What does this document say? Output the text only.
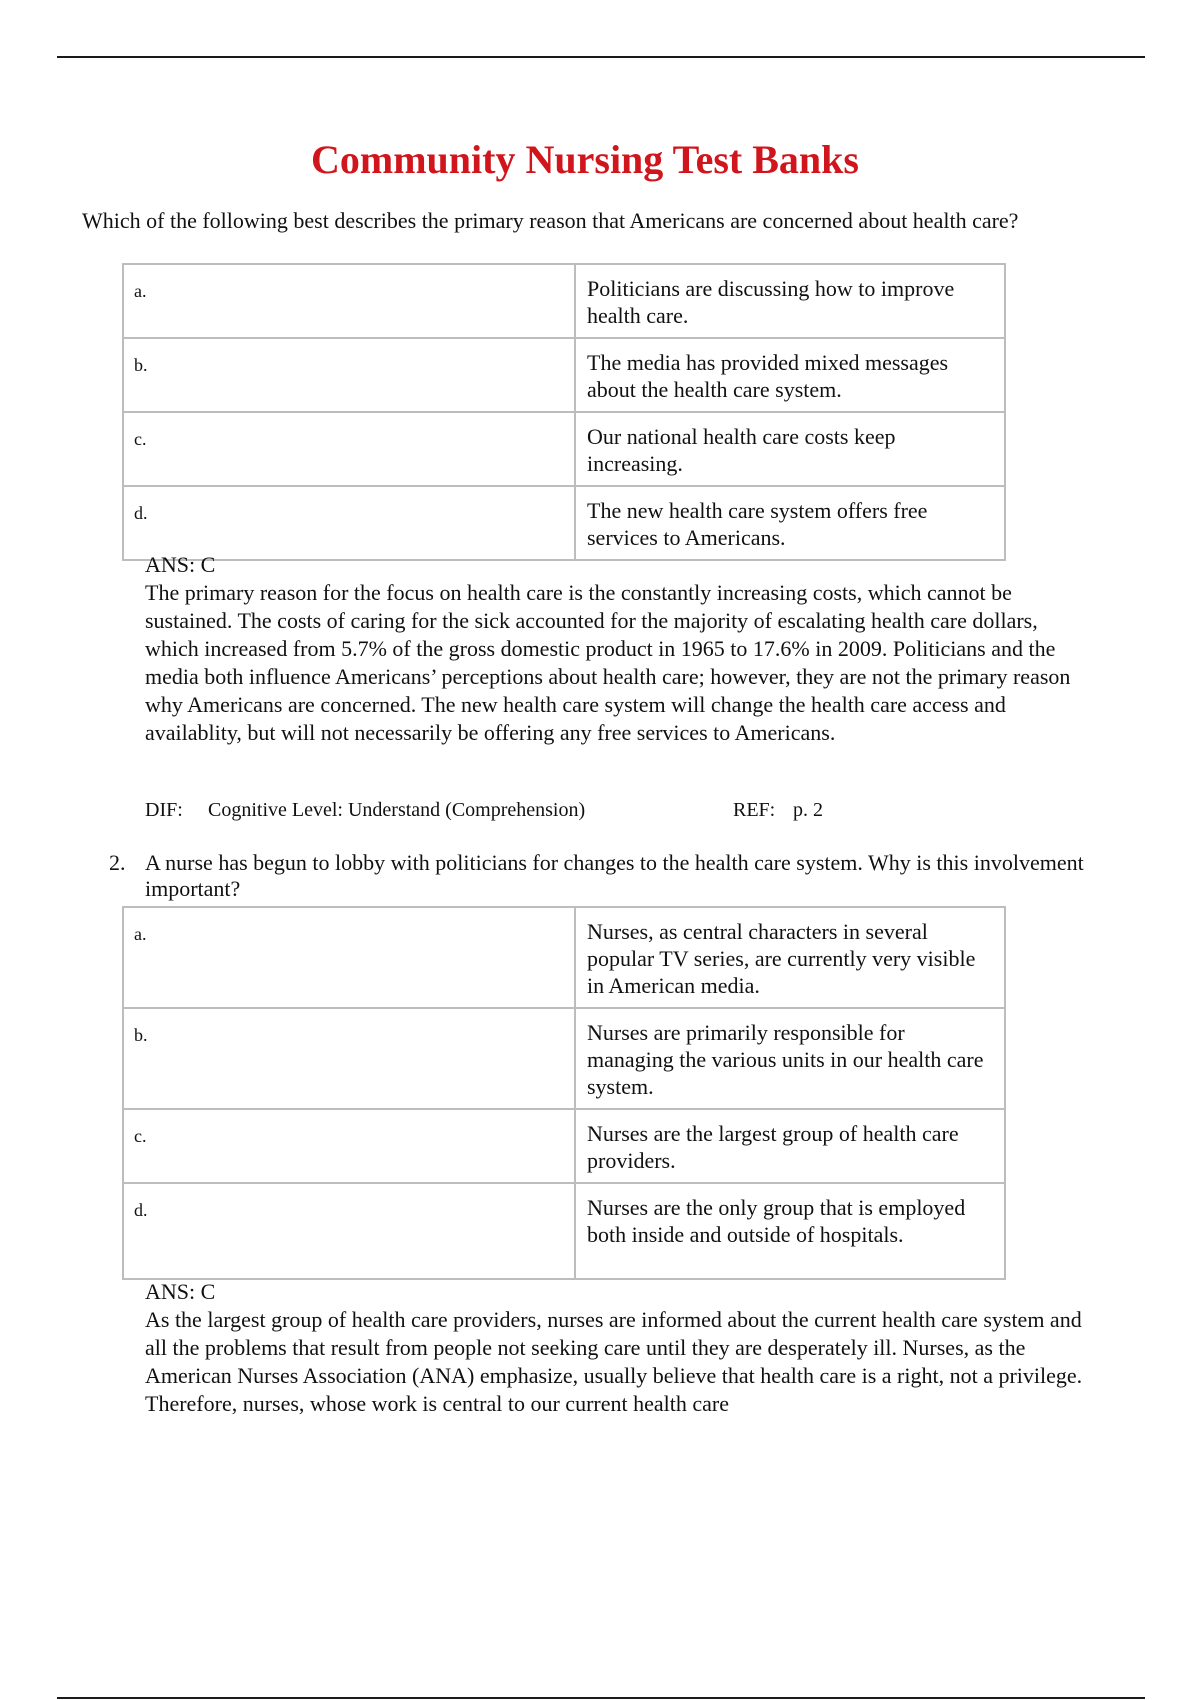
Community Nursing Test Banks
Which of the following best describes the primary reason that Americans are concerned about health care?
a.	Politicians are discussing how to improve health care.
b.	The media has provided mixed messages about the health care system.
c.	Our national health care costs keep increasing.
d.	The new health care system offers free services to Americans.
ANS: C
The primary reason for the focus on health care is the constantly increasing costs, which cannot be sustained. The costs of caring for the sick accounted for the majority of escalating health care dollars, which increased from 5.7% of the gross domestic product in 1965 to 17.6% in 2009. Politicians and the media both influence Americans’ perceptions about health care; however, they are not the primary reason why Americans are concerned. The new health care system will change the health care access and availablity, but will not necessarily be offering any free services to Americans.
DIF: Cognitive Level: Understand (Comprehension)	REF: p. 2
2. A nurse has begun to lobby with politicians for changes to the health care system. Why is this involvement important?
a.	Nurses, as central characters in several popular TV series, are currently very visible in American media.
b.	Nurses are primarily responsible for managing the various units in our health care system.
c.	Nurses are the largest group of health care providers.
d.	Nurses are the only group that is employed both inside and outside of hospitals.
ANS: C
As the largest group of health care providers, nurses are informed about the current health care system and all the problems that result from people not seeking care until they are desperately ill. Nurses, as the American Nurses Association (ANA) emphasize, usually believe that health care is a right, not a privilege. Therefore, nurses, whose work is central to our current health care
